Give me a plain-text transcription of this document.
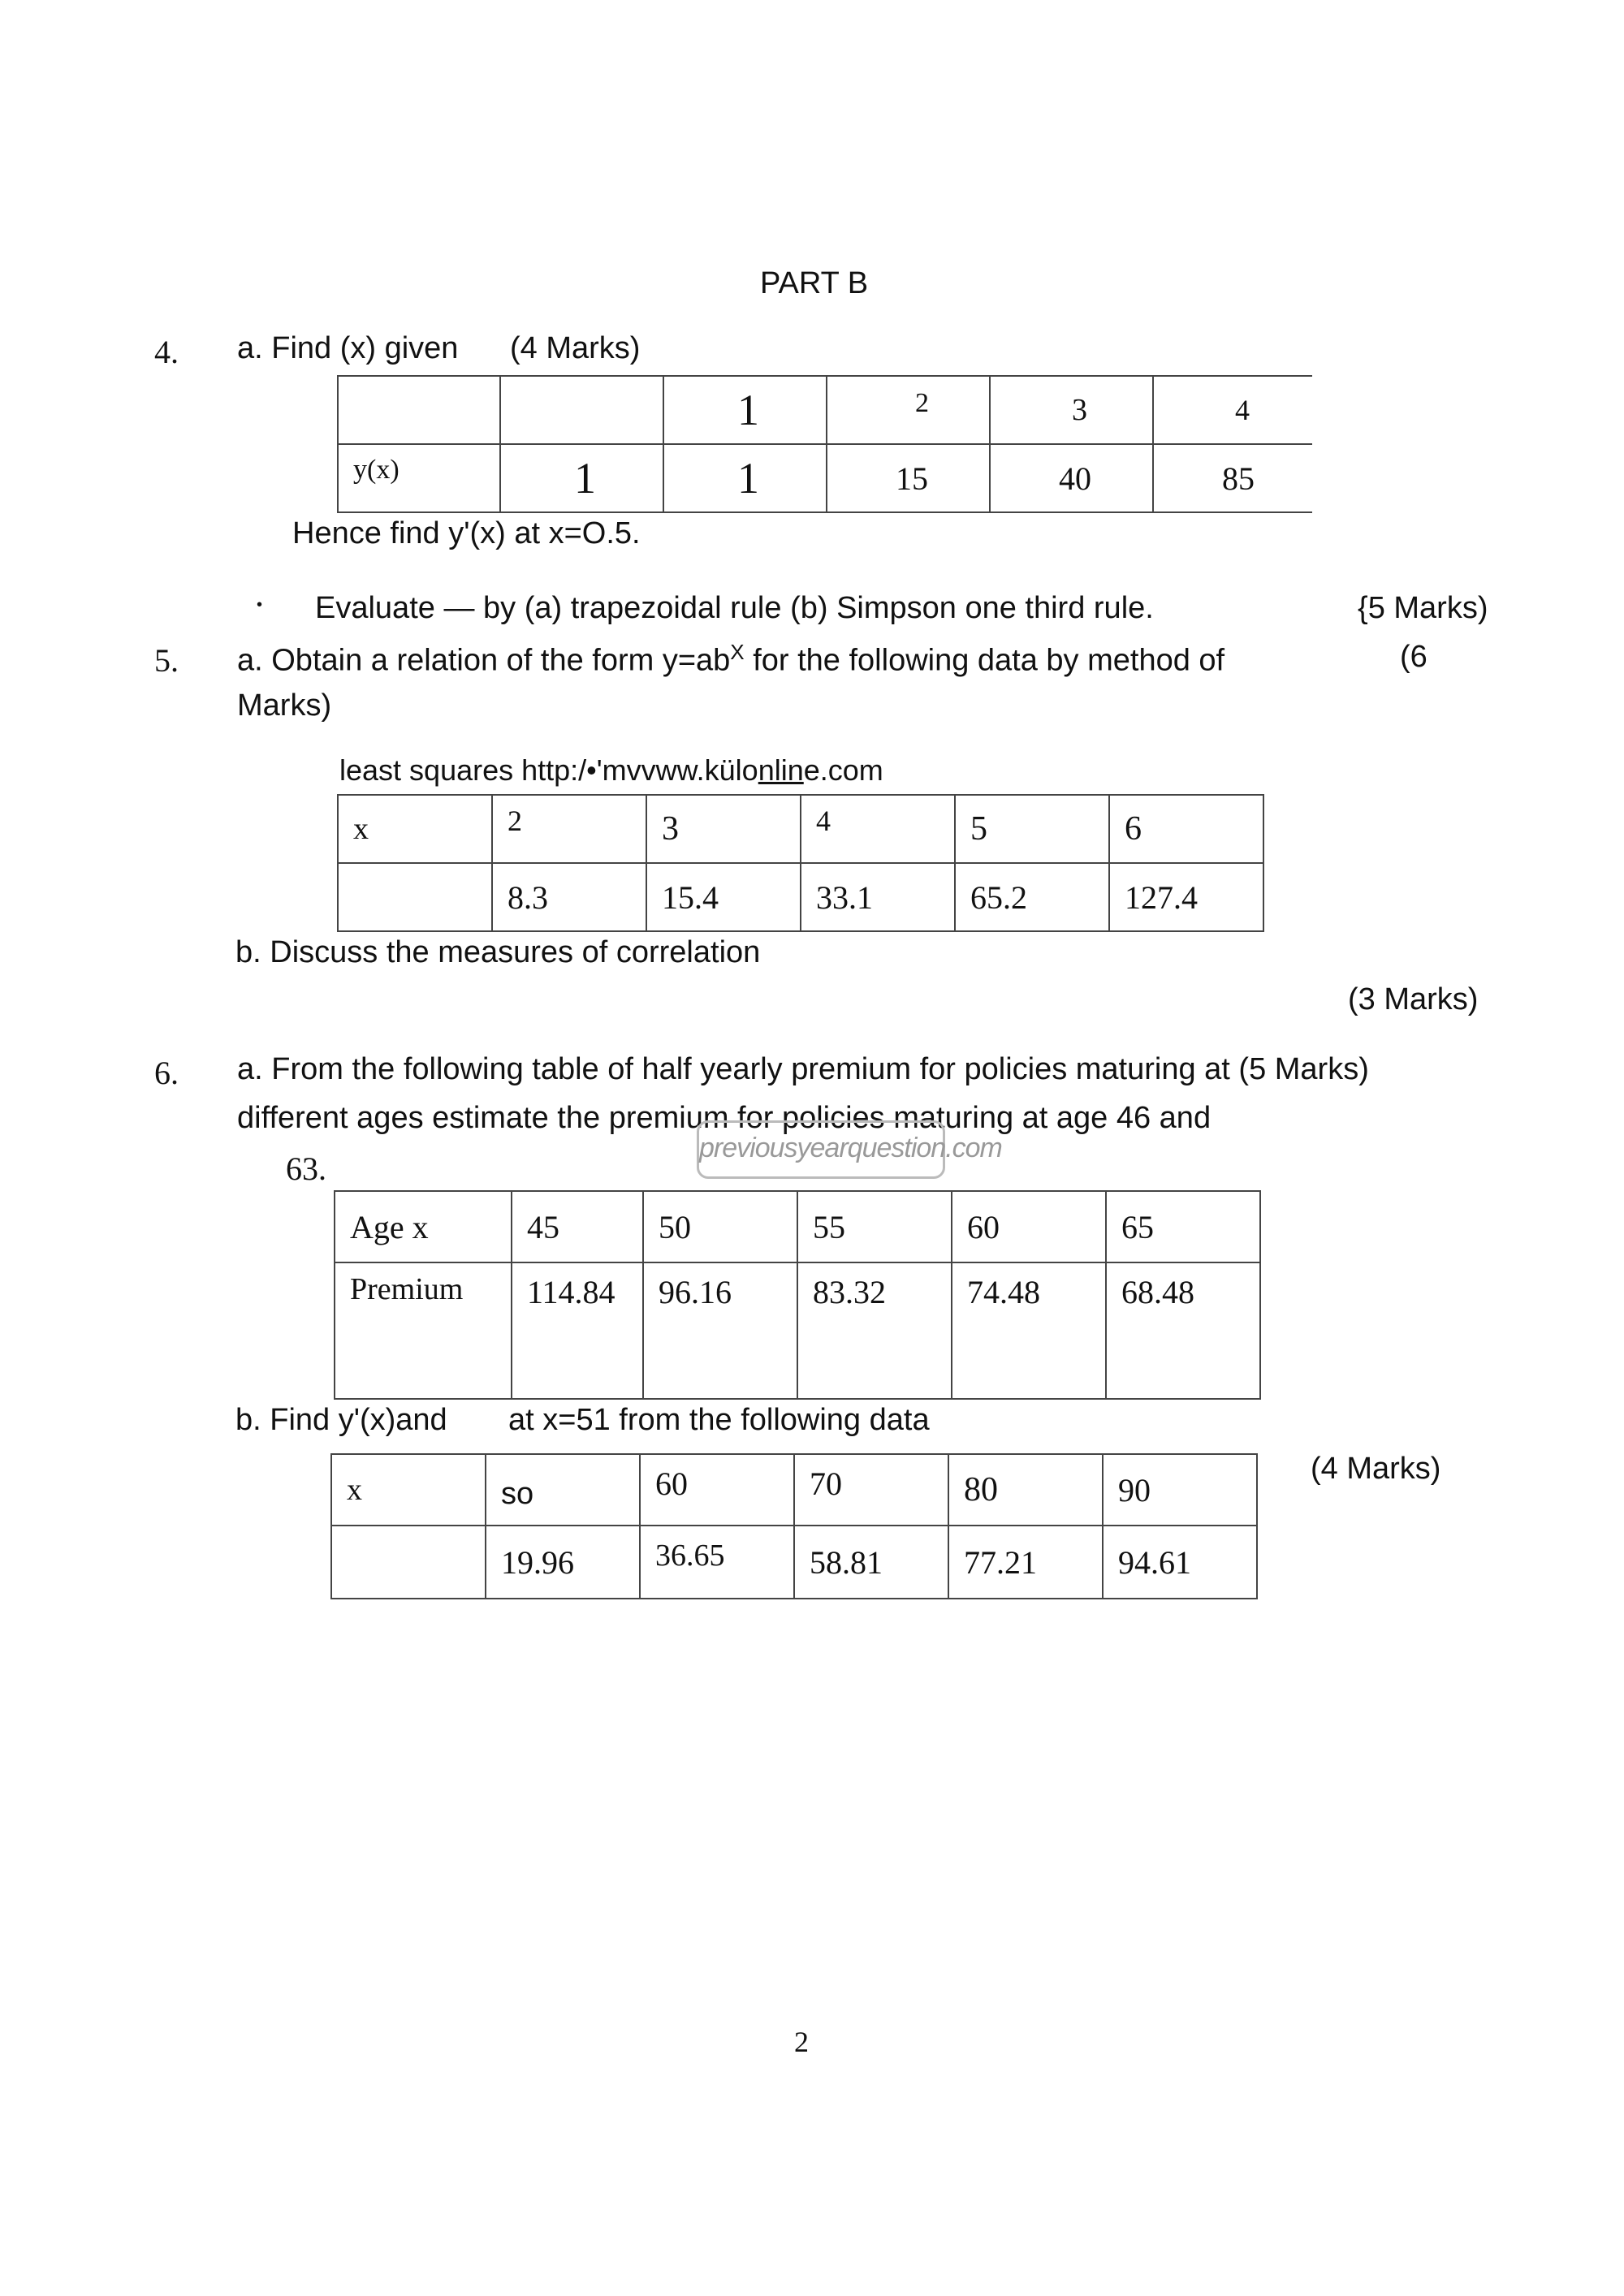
PART B
4. a. Find (x) given (4 Marks)
		1	2	3	4
y(x)	1	1	15	40	85
Hence find y'(x) at x=O.5.
• Evaluate — by (a) trapezoidal rule (b) Simpson one third rule.	{5 Marks)
5. a. Obtain a relation of the form $y=ab^X$ for the following data by method of	(6
Marks)
least squares http:/•'mvvww.külonline.com
x	2	3	4	5	6
	8.3	15.4	33.1	65.2	127.4
b. Discuss the measures of correlation
(3 Marks)
6. a. From the following table of half yearly premium for policies maturing at (5 Marks)
different ages estimate the premium for policies maturing at age 46 and
63.
previousyearquestion.com
Age x	45	50	55	60	65
Premium	114.84	96.16	83.32	74.48	68.48
b. Find y'(x)and at x=51 from the following data
(4 Marks)
x	so	60	70	80	90
	19.96	36.65	58.81	77.21	94.61
2
